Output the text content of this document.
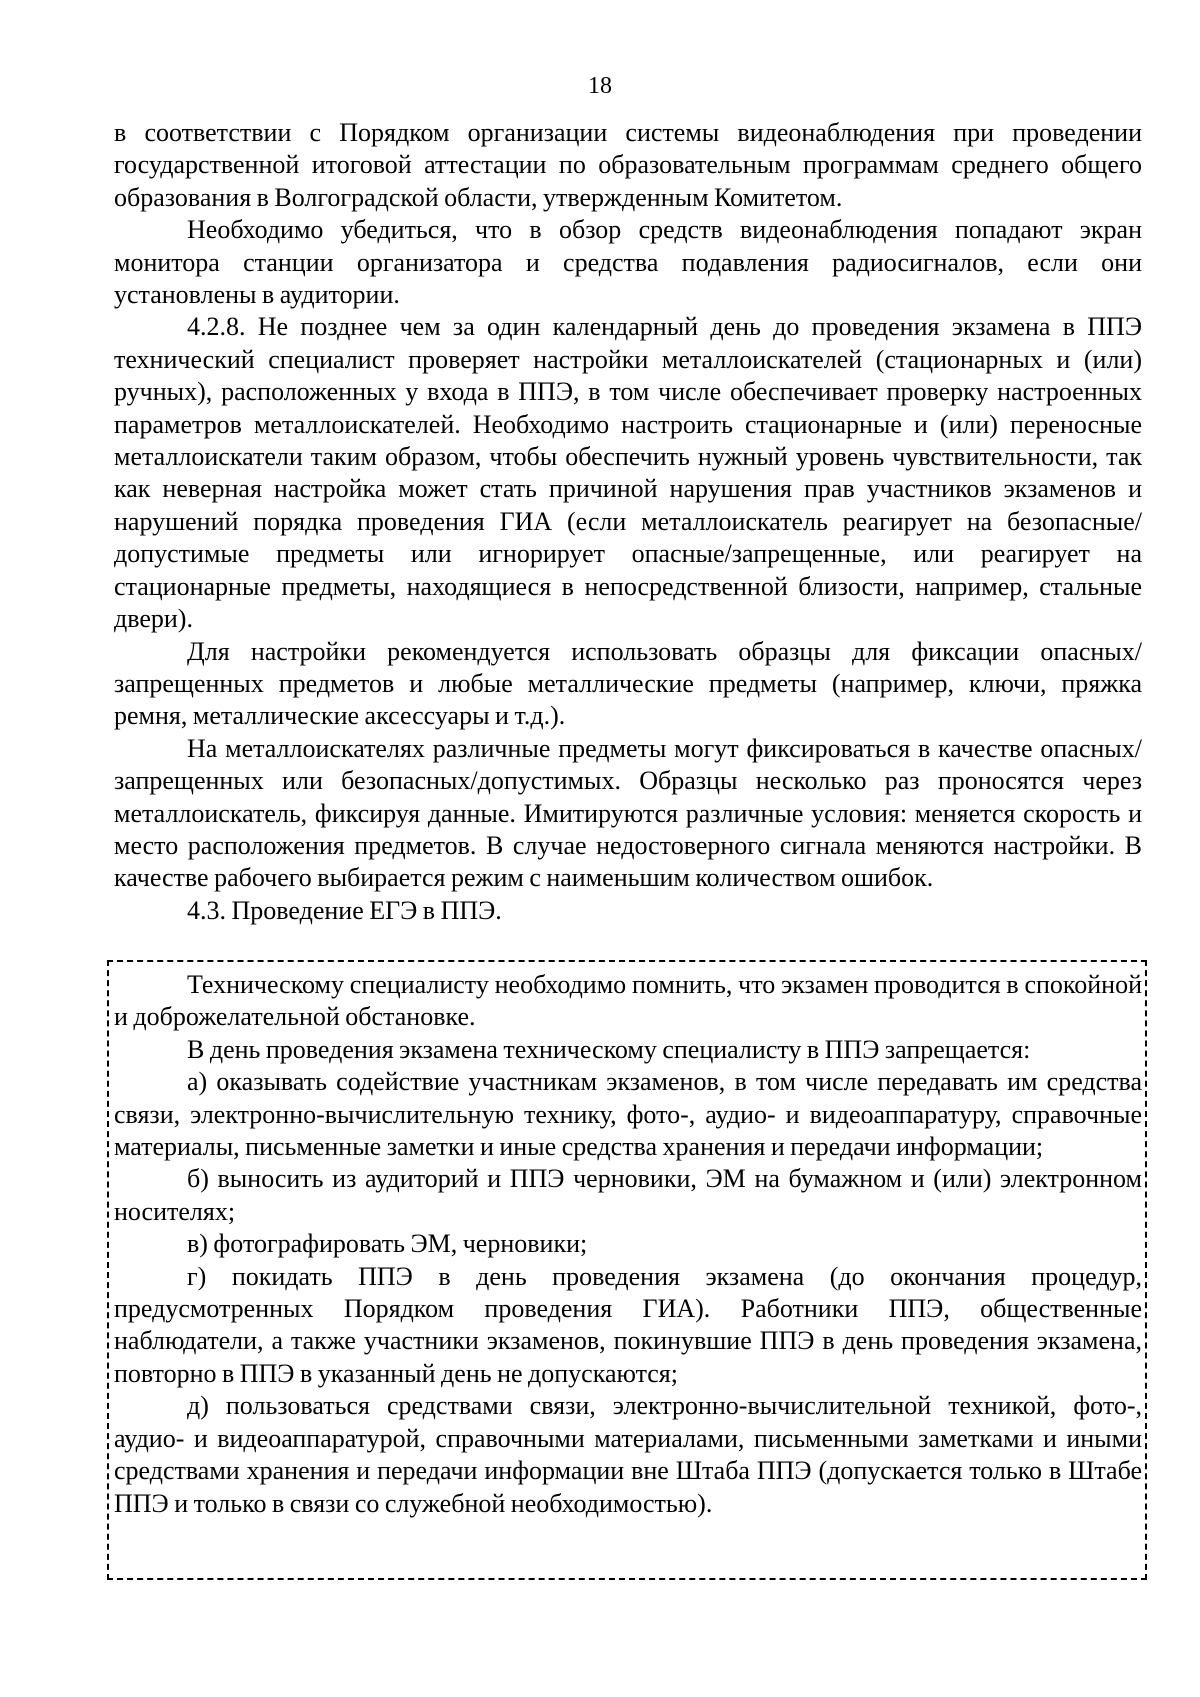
18

в соответствии с Порядком организации системы видеонаблюдения при проведении государственной итоговой аттестации по образовательным программам среднего общего образования в Волгоградской области, утвержденным Комитетом.

Необходимо убедиться, что в обзор средств видеонаблюдения попадают экран монитора станции организатора и средства подавления радиосигналов, если они установлены в аудитории.

4.2.8. Не позднее чем за один календарный день до проведения экзамена в ППЭ технический специалист проверяет настройки металлоискателей (стационарных и (или) ручных), расположенных у входа в ППЭ, в том числе обеспечивает проверку настроенных параметров металлоискателей. Необходимо настроить стационарные и (или) переносные металлоискатели таким образом, чтобы обеспечить нужный уровень чувствительности, так как неверная настройка может стать причиной нарушения прав участников экзаменов и нарушений порядка проведения ГИА (если металлоискатель реагирует на безопасные/допустимые предметы или игнорирует опасные/запрещенные, или реагирует на стационарные предметы, находящиеся в непосредственной близости, например, стальные двери).

Для настройки рекомендуется использовать образцы для фиксации опасных/запрещенных предметов и любые металлические предметы (например, ключи, пряжка ремня, металлические аксессуары и т.д.).

На металлоискателях различные предметы могут фиксироваться в качестве опасных/запрещенных или безопасных/допустимых. Образцы несколько раз проносятся через металлоискатель, фиксируя данные. Имитируются различные условия: меняется скорость и место расположения предметов. В случае недостоверного сигнала меняются настройки. В качестве рабочего выбирается режим с наименьшим количеством ошибок.

4.3. Проведение ЕГЭ в ППЭ.

Техническому специалисту необходимо помнить, что экзамен проводится в спокойной и доброжелательной обстановке.

В день проведения экзамена техническому специалисту в ППЭ запрещается:

а) оказывать содействие участникам экзаменов, в том числе передавать им средства связи, электронно-вычислительную технику, фото-, аудио- и видеоаппаратуру, справочные материалы, письменные заметки и иные средства хранения и передачи информации;

б) выносить из аудиторий и ППЭ черновики, ЭМ на бумажном и (или) электронном носителях;

в) фотографировать ЭМ, черновики;

г) покидать ППЭ в день проведения экзамена (до окончания процедур, предусмотренных Порядком проведения ГИА). Работники ППЭ, общественные наблюдатели, а также участники экзаменов, покинувшие ППЭ в день проведения экзамена, повторно в ППЭ в указанный день не допускаются;

д) пользоваться средствами связи, электронно-вычислительной техникой, фото-, аудио- и видеоаппаратурой, справочными материалами, письменными заметками и иными средствами хранения и передачи информации вне Штаба ППЭ (допускается только в Штабе ППЭ и только в связи со служебной необходимостью).
